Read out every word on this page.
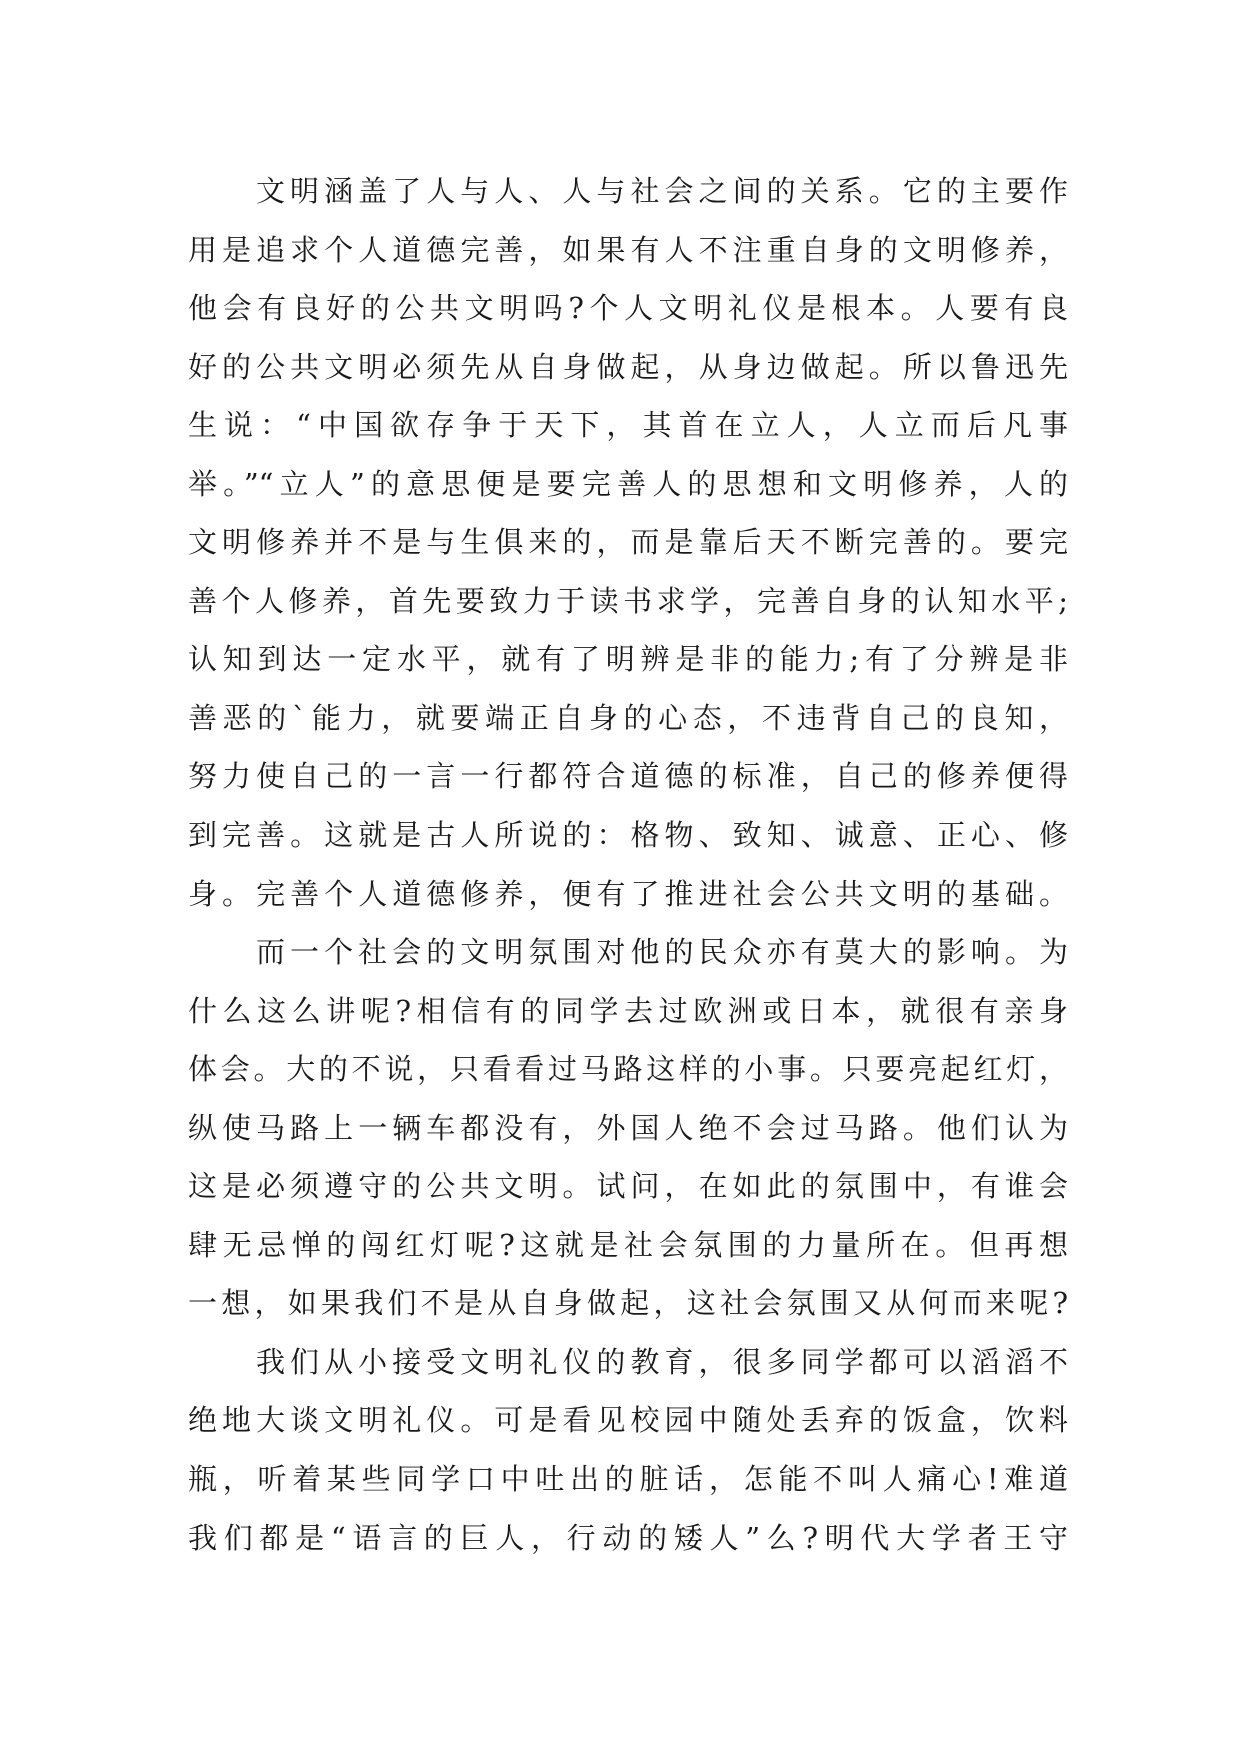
文明涵盖了人与人、人与社会之间的关系。它的主要作
用是追求个人道德完善，如果有人不注重自身的文明修养，
他会有良好的公共文明吗?个人文明礼仪是根本。人要有良
好的公共文明必须先从自身做起，从身边做起。所以鲁迅先
生说：“中国欲存争于天下，其首在立人，人立而后凡事
举。”“立人”的意思便是要完善人的思想和文明修养，人的
文明修养并不是与生俱来的，而是靠后天不断完善的。要完
善个人修养，首先要致力于读书求学，完善自身的认知水平;
认知到达一定水平，就有了明辨是非的能力;有了分辨是非
善恶的`能力，就要端正自身的心态，不违背自己的良知，
努力使自己的一言一行都符合道德的标准，自己的修养便得
到完善。这就是古人所说的：格物、致知、诚意、正心、修
身。完善个人道德修养，便有了推进社会公共文明的基础。
而一个社会的文明氛围对他的民众亦有莫大的影响。为
什么这么讲呢?相信有的同学去过欧洲或日本，就很有亲身
体会。大的不说，只看看过马路这样的小事。只要亮起红灯，
纵使马路上一辆车都没有，外国人绝不会过马路。他们认为
这是必须遵守的公共文明。试问，在如此的氛围中，有谁会
肆无忌惮的闯红灯呢?这就是社会氛围的力量所在。但再想
一想，如果我们不是从自身做起，这社会氛围又从何而来呢?
我们从小接受文明礼仪的教育，很多同学都可以滔滔不
绝地大谈文明礼仪。可是看见校园中随处丢弃的饭盒，饮料
瓶，听着某些同学口中吐出的脏话，怎能不叫人痛心!难道
我们都是“语言的巨人，行动的矮人”么?明代大学者王守
